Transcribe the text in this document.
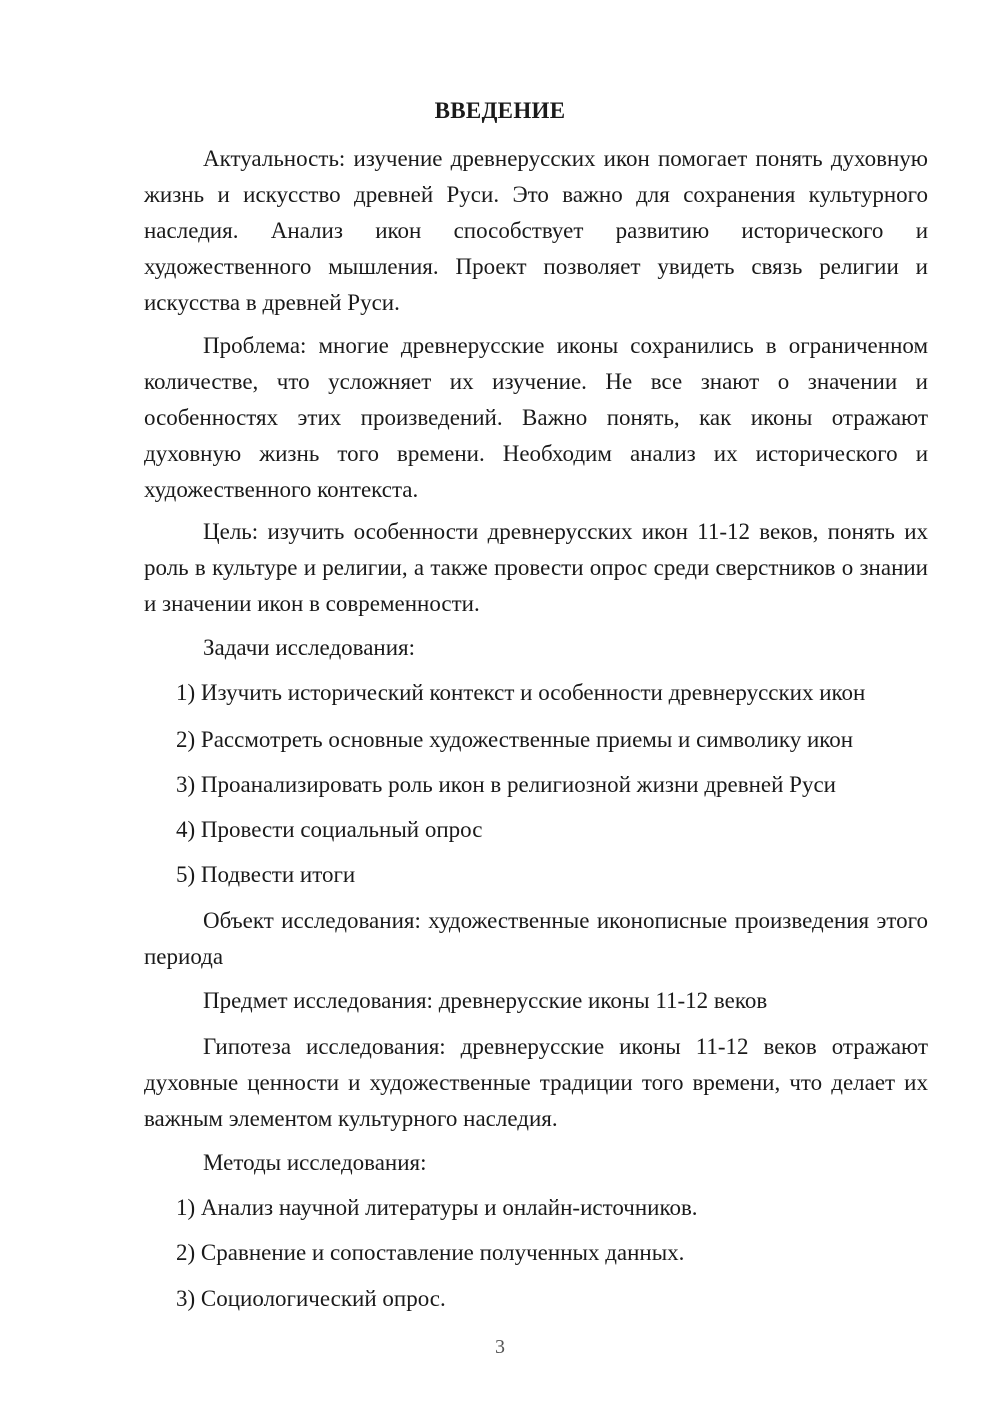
ВВЕДЕНИЕ

Актуальность: изучение древнерусских икон помогает понять духовную жизнь и искусство древней Руси. Это важно для сохранения культурного наследия. Анализ икон способствует развитию исторического и художественного мышления. Проект позволяет увидеть связь религии и искусства в древней Руси.

Проблема: многие древнерусские иконы сохранились в ограниченном количестве, что усложняет их изучение. Не все знают о значении и особенностях этих произведений. Важно понять, как иконы отражают духовную жизнь того времени. Необходим анализ их исторического и художественного контекста.

Цель: изучить особенности древнерусских икон 11-12 веков, понять их роль в культуре и религии, а также провести опрос среди сверстников о знании и значении икон в современности.

Задачи исследования:

1) Изучить исторический контекст и особенности древнерусских икон

2) Рассмотреть основные художественные приемы и символику икон

3) Проанализировать роль икон в религиозной жизни древней Руси

4) Провести социальный опрос

5) Подвести итоги

Объект исследования: художественные иконописные произведения этого периода

Предмет исследования: древнерусские иконы 11-12 веков

Гипотеза исследования: древнерусские иконы 11-12 веков отражают духовные ценности и художественные традиции того времени, что делает их важным элементом культурного наследия.

Методы исследования:

1) Анализ научной литературы и онлайн-источников.

2) Сравнение и сопоставление полученных данных.

3) Социологический опрос.

3
